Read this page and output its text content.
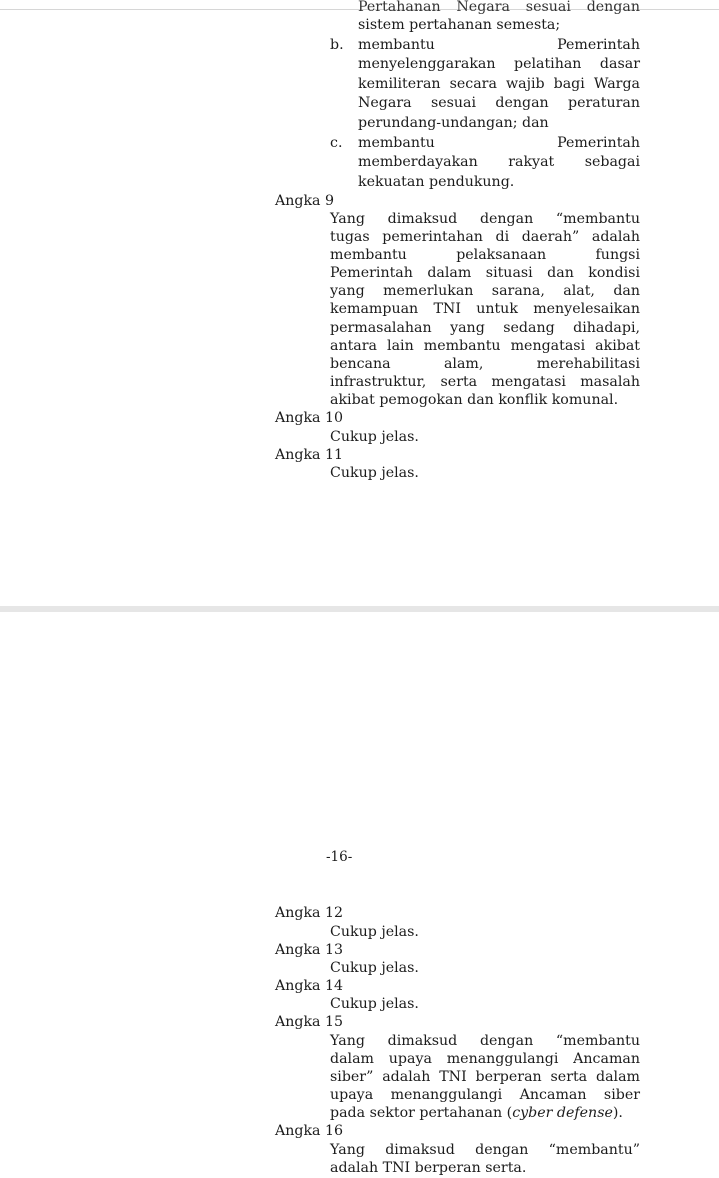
Pertahanan Negara sesuai dengan
sistem pertahanan semesta;
b. membantu	Pemerintah
menyelenggarakan pelatihan dasar
kemiliteran secara wajib bagi Warga
Negara sesuai dengan peraturan
perundang-undangan; dan
c. membantu	Pemerintah
memberdayakan rakyat sebagai
kekuatan pendukung.
Angka 9
Yang dimaksud dengan “membantu
tugas pemerintahan di daerah” adalah
membantu pelaksanaan fungsi
Pemerintah dalam situasi dan kondisi
yang memerlukan sarana, alat, dan
kemampuan TNI untuk menyelesaikan
permasalahan yang sedang dihadapi,
antara lain membantu mengatasi akibat
bencana alam, merehabilitasi
infrastruktur, serta mengatasi masalah
akibat pemogokan dan konflik komunal.
Angka 10
Cukup jelas.
Angka 11
Cukup jelas.
-16-
Angka 12
Cukup jelas.
Angka 13
Cukup jelas.
Angka 14
Cukup jelas.
Angka 15
Yang dimaksud dengan “membantu
dalam upaya menanggulangi Ancaman
siber” adalah TNI berperan serta dalam
upaya menanggulangi Ancaman siber
pada sektor pertahanan (cyber defense).
Angka 16
Yang dimaksud dengan “membantu”
adalah TNI berperan serta.
